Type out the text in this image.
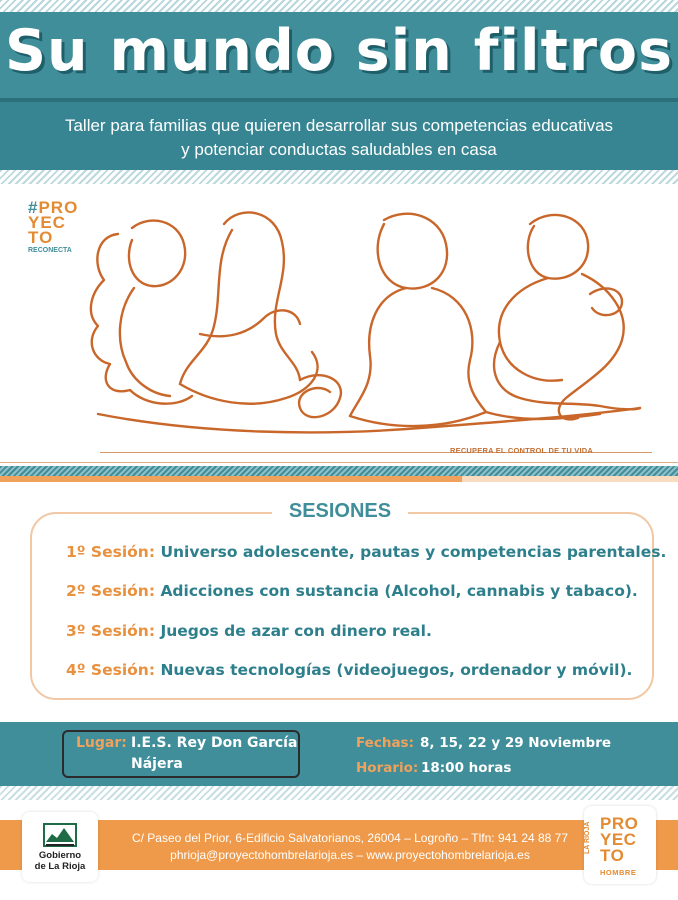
Su mundo sin filtros
Taller para familias que quieren desarrollar sus competencias educativas
y potenciar conductas saludables en casa
#PRO
YEC
TO
RECONECTA
RECUPERA EL CONTROL DE TU VIDA
SESIONES
1º Sesión: Universo adolescente, pautas y competencias parentales.
2º Sesión: Adicciones con sustancia (Alcohol, cannabis y tabaco).
3º Sesión: Juegos de azar con dinero real.
4º Sesión: Nuevas tecnologías (videojuegos, ordenador y móvil).
Lugar: I.E.S. Rey Don García
Nájera
Fechas: 8, 15, 22 y 29 Noviembre
Horario: 18:00 horas
C/ Paseo del Prior, 6-Edificio Salvatorianos, 26004 – Logroño – Tlfn: 941 24 88 77
phrioja@proyectohombrelarioja.es – www.proyectohombrelarioja.es
Gobierno
de La Rioja
LA RIOJA PRO
YEC
TO
HOMBRE
